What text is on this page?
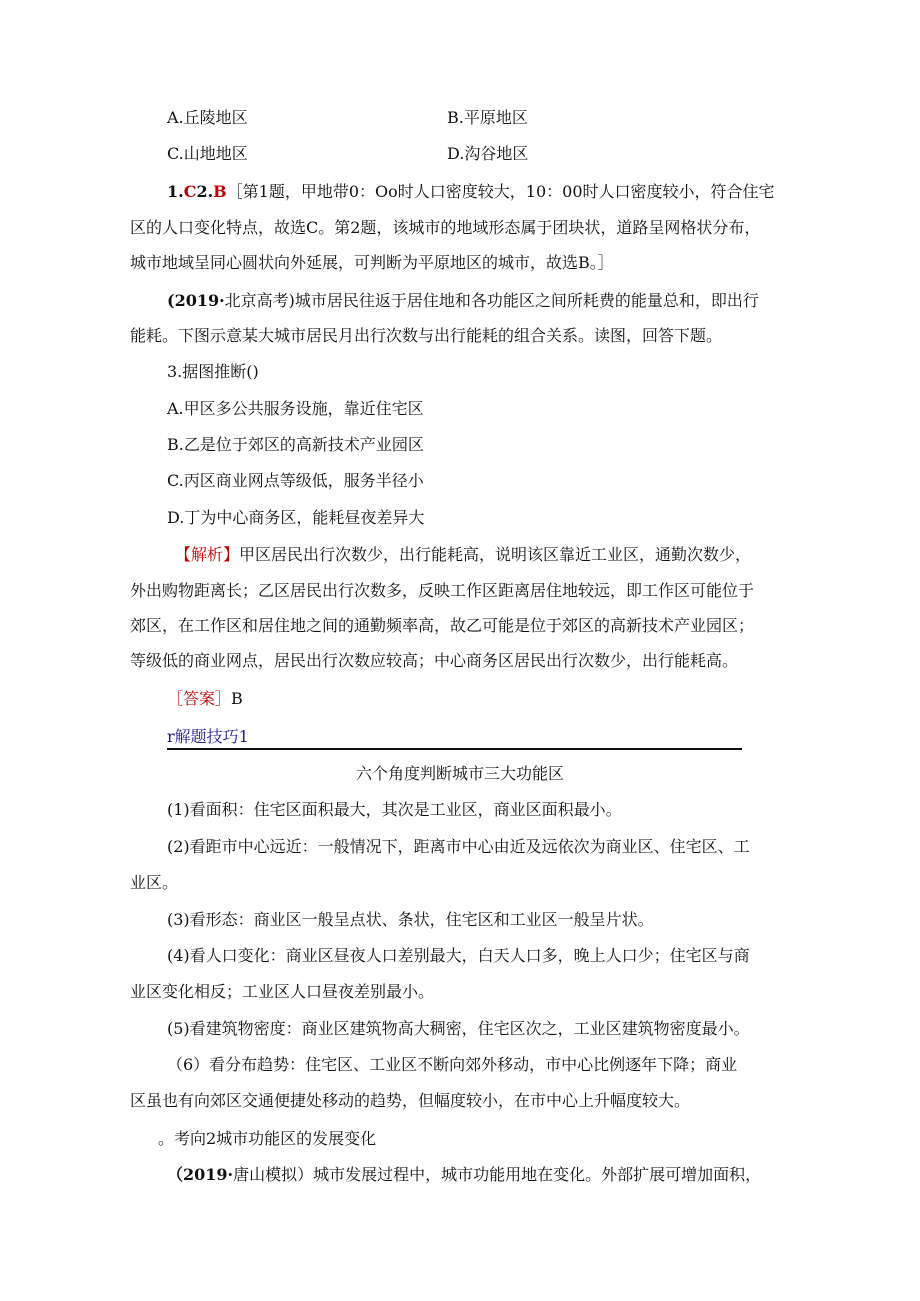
A.丘陵地区	B.平原地区
C.山地地区	D.沟谷地区
1.C2.B［第1题，甲地带0：Oo时人口密度较大，10：00时人口密度较小，符合住宅
区的人口变化特点，故选C。第2题，该城市的地域形态属于团块状，道路呈网格状分布，
城市地域呈同心圆状向外延展，可判断为平原地区的城市，故选B。］
(2019·北京高考)城市居民往返于居住地和各功能区之间所耗费的能量总和，即出行
能耗。下图示意某大城市居民月出行次数与出行能耗的组合关系。读图，回答下题。
3.据图推断()
A.甲区多公共服务设施，靠近住宅区
B.乙是位于郊区的高新技术产业园区
C.丙区商业网点等级低，服务半径小
D.丁为中心商务区，能耗昼夜差异大
【解析】甲区居民出行次数少，出行能耗高，说明该区靠近工业区，通勤次数少，
外出购物距离长；乙区居民出行次数多，反映工作区距离居住地较远，即工作区可能位于
郊区，在工作区和居住地之间的通勤频率高，故乙可能是位于郊区的高新技术产业园区；
等级低的商业网点，居民出行次数应较高；中心商务区居民出行次数少，出行能耗高。
［答案］B
r解题技巧1
六个角度判断城市三大功能区
(1)看面积：住宅区面积最大，其次是工业区，商业区面积最小。
(2)看距市中心远近：一般情况下，距离市中心由近及远依次为商业区、住宅区、工
业区。
(3)看形态：商业区一般呈点状、条状，住宅区和工业区一般呈片状。
(4)看人口变化：商业区昼夜人口差别最大，白天人口多，晚上人口少；住宅区与商
业区变化相反；工业区人口昼夜差别最小。
(5)看建筑物密度：商业区建筑物高大稠密，住宅区次之，工业区建筑物密度最小。
（6）看分布趋势：住宅区、工业区不断向郊外移动，市中心比例逐年下降；商业
区虽也有向郊区交通便捷处移动的趋势，但幅度较小，在市中心上升幅度较大。
。考向2城市功能区的发展变化
（2019·唐山模拟）城市发展过程中，城市功能用地在变化。外部扩展可增加面积，
